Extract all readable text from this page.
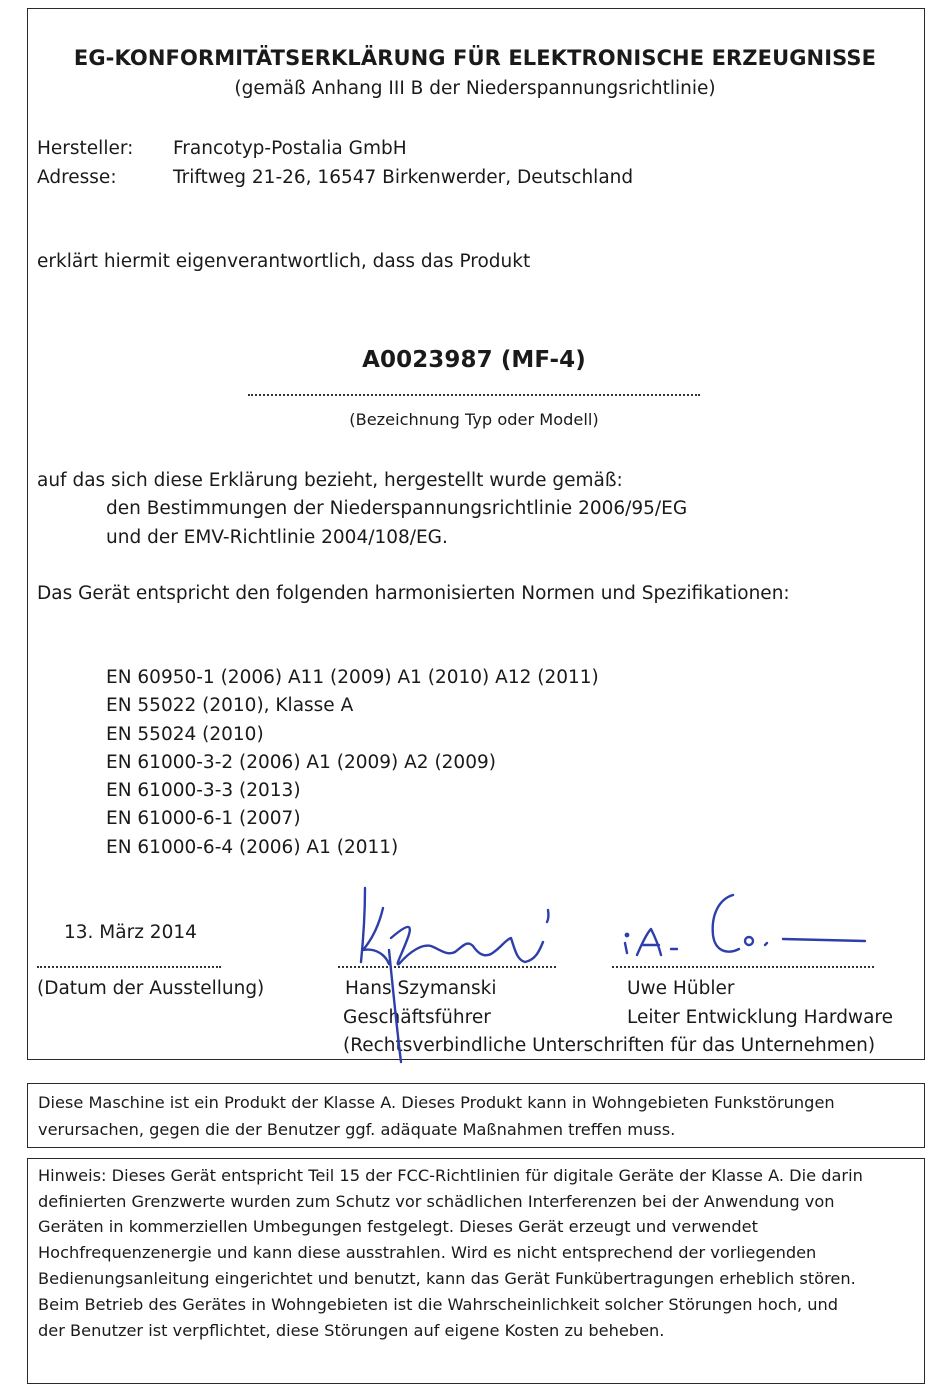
EG-KONFORMITÄTSERKLÄRUNG FÜR ELEKTRONISCHE ERZEUGNISSE
(gemäß Anhang III B der Niederspannungsrichtlinie)
Hersteller: Francotyp-Postalia GmbH
Adresse:	Triftweg 21-26, 16547 Birkenwerder, Deutschland
erklärt hiermit eigenverantwortlich, dass das Produkt
A0023987 (MF-4)
(Bezeichnung Typ oder Modell)
auf das sich diese Erklärung bezieht, hergestellt wurde gemäß:
den Bestimmungen der Niederspannungsrichtlinie 2006/95/EG
und der EMV-Richtlinie 2004/108/EG.
Das Gerät entspricht den folgenden harmonisierten Normen und Spezifikationen:
EN 60950-1 (2006) A11 (2009) A1 (2010) A12 (2011)
EN 55022 (2010), Klasse A
EN 55024 (2010)
EN 61000-3-2 (2006) A1 (2009) A2 (2009)
EN 61000-3-3 (2013)
EN 61000-6-1 (2007)
EN 61000-6-4 (2006) A1 (2011)
13. März 2014
(Datum der Ausstellung)	Hans Szymanski
Geschäftsführer
Uwe Hübler
Leiter Entwicklung Hardware
(Rechtsverbindliche Unterschriften für das Unternehmen)
i.A.
Diese Maschine ist ein Produkt der Klasse A. Dieses Produkt kann in Wohngebieten Funkstörungen
verursachen, gegen die der Benutzer ggf. adäquate Maßnahmen treffen muss.
Hinweis: Dieses Gerät entspricht Teil 15 der FCC-Richtlinien für digitale Geräte der Klasse A. Die darin
definierten Grenzwerte wurden zum Schutz vor schädlichen Interferenzen bei der Anwendung von
Geräten in kommerziellen Umbegungen festgelegt. Dieses Gerät erzeugt und verwendet
Hochfrequenzenergie und kann diese ausstrahlen. Wird es nicht entsprechend der vorliegenden
Bedienungsanleitung eingerichtet und benutzt, kann das Gerät Funkübertragungen erheblich stören.
Beim Betrieb des Gerätes in Wohngebieten ist die Wahrscheinlichkeit solcher Störungen hoch, und
der Benutzer ist verpflichtet, diese Störungen auf eigene Kosten zu beheben.
